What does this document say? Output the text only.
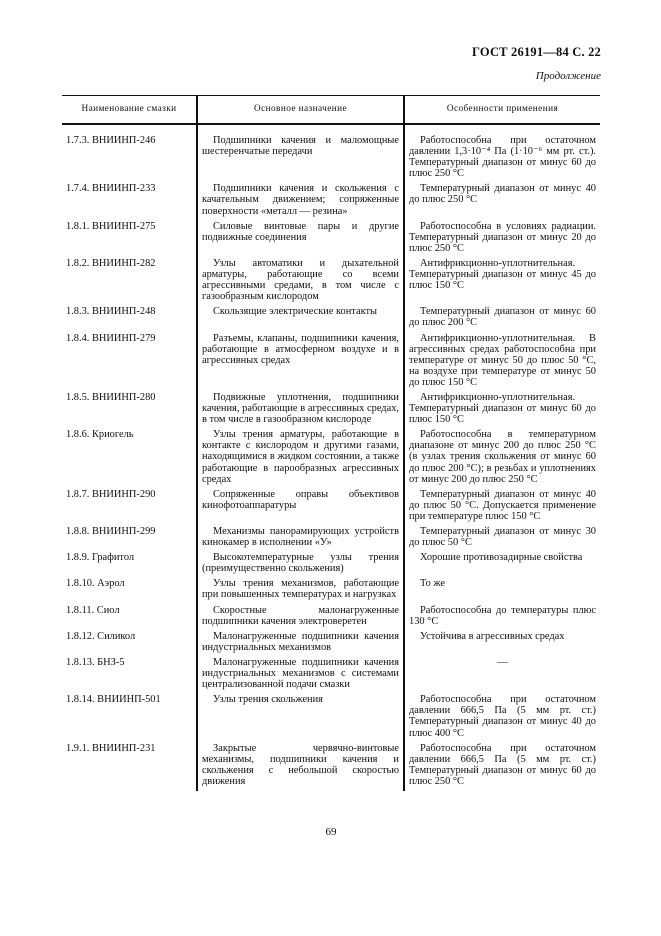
ГОСТ 26191—84 С. 22
Продолжение
Наименование смазки	Основное назначение	Особенности применения
1.7.3. ВНИИНП-246	Подшипники качения и маломощные шестеренчатые передачи	Работоспособна при остаточном давлении 1,3·10⁻⁴ Па (1·10⁻⁶ мм рт. ст.). Температурный диапазон от минус 60 до плюс 250 °С
1.7.4. ВНИИНП-233	Подшипники качения и скольжения с качательным движением; сопряженные поверхности «металл — резина»	Температурный диапазон от минус 40 до плюс 250 °С
1.8.1. ВНИИНП-275	Силовые винтовые пары и другие подвижные соединения	Работоспособна в условиях радиации. Температурный диапазон от минус 20 до плюс 250 °С
1.8.2. ВНИИНП-282	Узлы автоматики и дыхательной арматуры, работающие со всеми агрессивными средами, в том числе с газообразным кислородом	Антифрикционно-уплотнительная. Температурный диапазон от минус 45 до плюс 150 °С
1.8.3. ВНИИНП-248	Скользящие электрические контакты	Температурный диапазон от минус 60 до плюс 200 °С
1.8.4. ВНИИНП-279	Разъемы, клапаны, подшипники качения, работающие в атмосферном воздухе и в агрессивных средах	Антифрикционно-уплотнительная. В агрессивных средах работоспособна при температуре от минус 50 до плюс 50 °С, на воздухе при температуре от минус 50 до плюс 150 °С
1.8.5. ВНИИНП-280	Подвижные уплотнения, подшипники качения, работающие в агрессивных средах, в том числе в газообразном кислороде	Антифрикционно-уплотнительная. Температурный диапазон от минус 60 до плюс 150 °С
1.8.6. Криогель	Узлы трения арматуры, работающие в контакте с кислородом и другими газами, находящимися в жидком состоянии, а также работающие в парообразных агрессивных средах	Работоспособна в температурном диапазоне от минус 200 до плюс 250 °С (в узлах трения скольжения от минус 60 до плюс 200 °С); в резьбах и уплотнениях от минус 200 до плюс 250 °С
1.8.7. ВНИИНП-290	Сопряженные оправы объективов кинофотоаппаратуры	Температурный диапазон от минус 40 до плюс 50 °С. Допускается применение при температуре плюс 150 °С
1.8.8. ВНИИНП-299	Механизмы панорамирующих устройств кинокамер в исполнении «У»	Температурный диапазон от минус 30 до плюс 50 °С
1.8.9. Графитол	Высокотемпературные узлы трения (преимущественно скольжения)	Хорошие противозадирные свойства
1.8.10. Аэрол	Узлы трения механизмов, работающие при повышенных температурах и нагрузках	То же
1.8.11. Сиол	Скоростные малонагруженные подшипники качения электроверетен	Работоспособна до температуры плюс 130 °С
1.8.12. Силикол	Малонагруженные подшипники качения индустриальных механизмов	Устойчива в агрессивных средах
1.8.13. БНЗ-5	Малонагруженные подшипники качения индустриальных механизмов с системами централизованной подачи смазки	—
1.8.14. ВНИИНП-501	Узлы трения скольжения	Работоспособна при остаточном давлении 666,5 Па (5 мм рт. ст.) Температурный диапазон от минус 40 до плюс 400 °С
1.9.1. ВНИИНП-231	Закрытые червячно-винтовые механизмы, подшипники качения и скольжения с небольшой скоростью движения	Работоспособна при остаточном давлении 666,5 Па (5 мм рт. ст.) Температурный диапазон от минус 60 до плюс 250 °С
69
